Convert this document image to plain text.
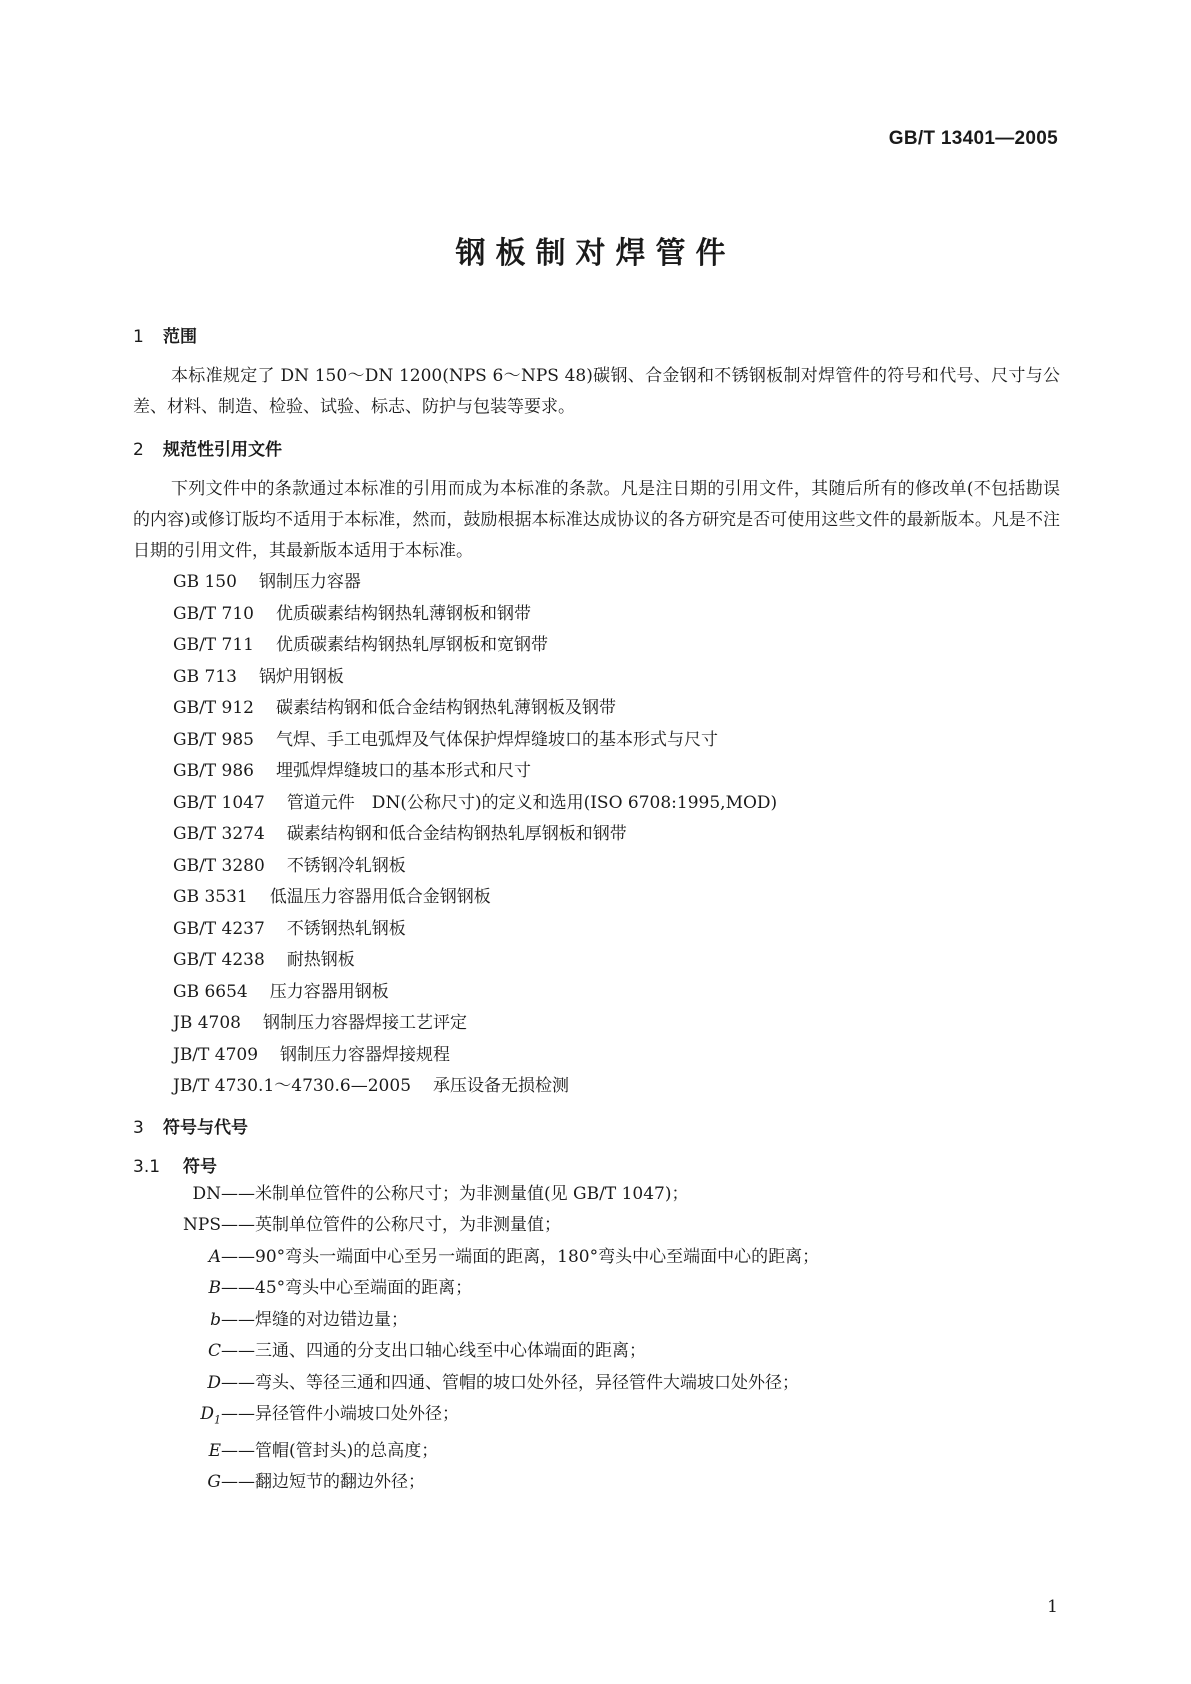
GB/T 13401—2005
钢板制对焊管件

1 范围

本标准规定了 DN 150～DN 1200(NPS 6～NPS 48)碳钢、合金钢和不锈钢板制对焊管件的符号和代号、尺寸与公差、材料、制造、检验、试验、标志、防护与包装等要求。

2 规范性引用文件

下列文件中的条款通过本标准的引用而成为本标准的条款。凡是注日期的引用文件，其随后所有的修改单(不包括勘误的内容)或修订版均不适用于本标准，然而，鼓励根据本标准达成协议的各方研究是否可使用这些文件的最新版本。凡是不注日期的引用文件，其最新版本适用于本标准。

GB 150 钢制压力容器

GB/T 710 优质碳素结构钢热轧薄钢板和钢带

GB/T 711 优质碳素结构钢热轧厚钢板和宽钢带

GB 713 锅炉用钢板

GB/T 912 碳素结构钢和低合金结构钢热轧薄钢板及钢带

GB/T 985 气焊、手工电弧焊及气体保护焊焊缝坡口的基本形式与尺寸

GB/T 986 埋弧焊焊缝坡口的基本形式和尺寸

GB/T 1047 管道元件　DN(公称尺寸)的定义和选用(ISO 6708:1995,MOD)

GB/T 3274 碳素结构钢和低合金结构钢热轧厚钢板和钢带

GB/T 3280 不锈钢冷轧钢板

GB 3531 低温压力容器用低合金钢钢板

GB/T 4237 不锈钢热轧钢板

GB/T 4238 耐热钢板

GB 6654 压力容器用钢板

JB 4708 钢制压力容器焊接工艺评定

JB/T 4709 钢制压力容器焊接规程

JB/T 4730.1～4730.6—2005 承压设备无损检测

3 符号与代号

3.1 符号

DN —— 米制单位管件的公称尺寸；为非测量值(见 GB/T 1047)；

NPS —— 英制单位管件的公称尺寸，为非测量值；

A —— 90°弯头一端面中心至另一端面的距离，180°弯头中心至端面中心的距离；

B —— 45°弯头中心至端面的距离；

b —— 焊缝的对边错边量；

C —— 三通、四通的分支出口轴心线至中心体端面的距离；

D —— 弯头、等径三通和四通、管帽的坡口处外径，异径管件大端坡口处外径；

$D_1$ —— 异径管件小端坡口处外径；

E —— 管帽(管封头)的总高度；

G —— 翻边短节的翻边外径；

1
